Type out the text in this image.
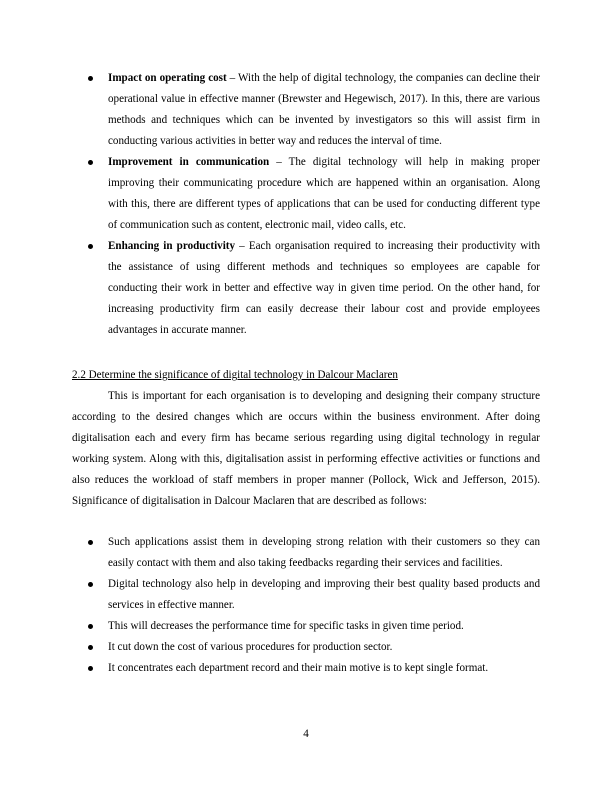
Impact on operating cost – With the help of digital technology, the companies can decline their operational value in effective manner (Brewster and Hegewisch, 2017). In this, there are various methods and techniques which can be invented by investigators so this will assist firm in conducting various activities in better way and reduces the interval of time.
Improvement in communication – The digital technology will help in making proper improving their communicating procedure which are happened within an organisation. Along with this, there are different types of applications that can be used for conducting different type of communication such as content, electronic mail, video calls, etc.
Enhancing in productivity – Each organisation required to increasing their productivity with the assistance of using different methods and techniques so employees are capable for conducting their work in better and effective way in given time period. On the other hand, for increasing productivity firm can easily decrease their labour cost and provide employees advantages in accurate manner.
2.2 Determine the significance of digital technology in Dalcour Maclaren

This is important for each organisation is to developing and designing their company structure according to the desired changes which are occurs within the business environment. After doing digitalisation each and every firm has became serious regarding using digital technology in regular working system. Along with this, digitalisation assist in performing effective activities or functions and also reduces the workload of staff members in proper manner (Pollock, Wick and Jefferson, 2015). Significance of digitalisation in Dalcour Maclaren that are described as follows:

Such applications assist them in developing strong relation with their customers so they can easily contact with them and also taking feedbacks regarding their services and facilities.
Digital technology also help in developing and improving their best quality based products and services in effective manner.
This will decreases the performance time for specific tasks in given time period.
It cut down the cost of various procedures for production sector.
It concentrates each department record and their main motive is to kept single format.
4
